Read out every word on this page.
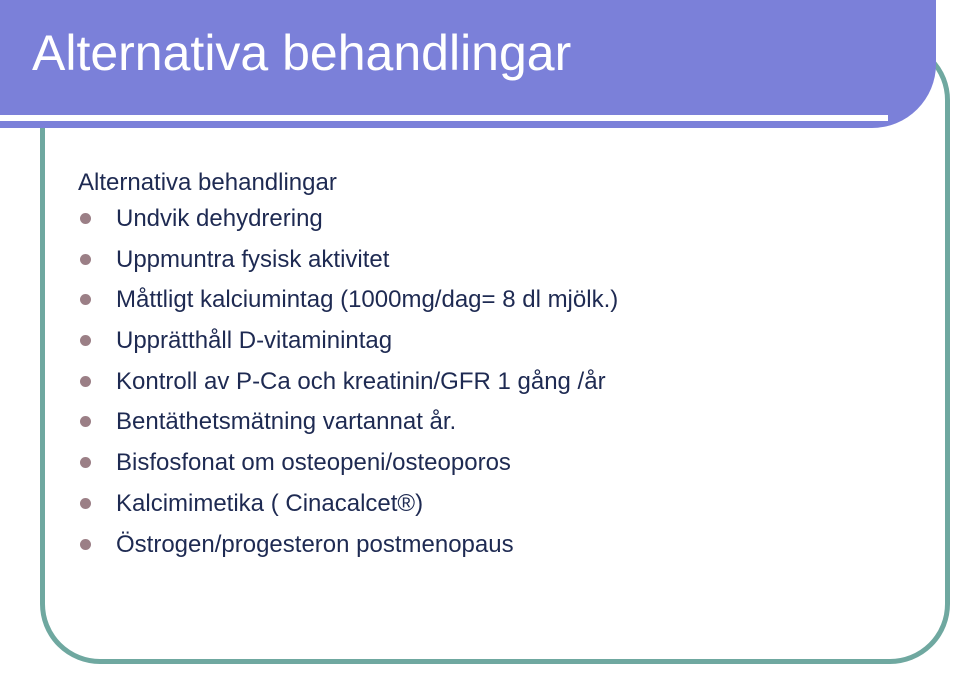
Alternativa behandlingar
Alternativa behandlingar
Undvik dehydrering
Uppmuntra fysisk aktivitet
Måttligt kalciumintag (1000mg/dag= 8 dl mjölk.)
Upprätthåll D-vitaminintag
Kontroll av P-Ca och kreatinin/GFR 1 gång /år
Bentäthetsmätning vartannat år.
Bisfosfonat om osteopeni/osteoporos
Kalcimimetika ( Cinacalcet®)
Östrogen/progesteron postmenopaus
